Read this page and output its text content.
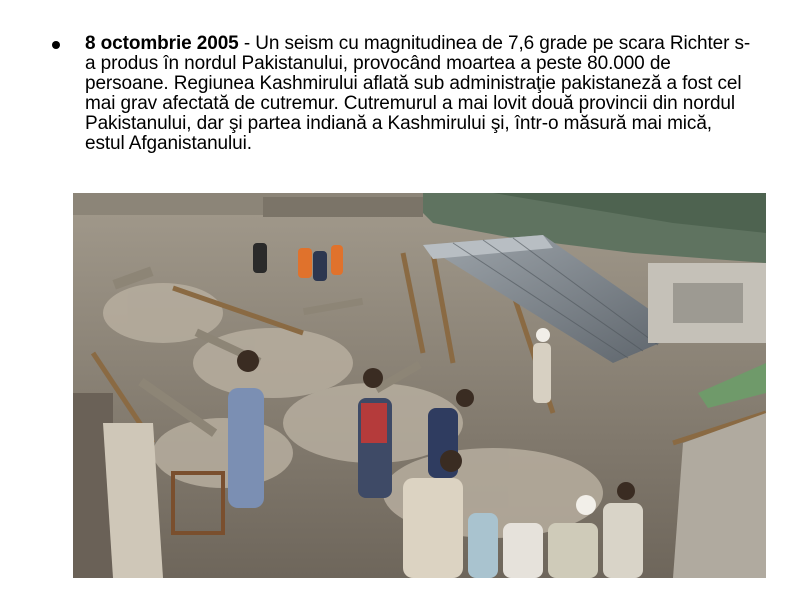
8 octombrie 2005 - Un seism cu magnitudinea de 7,6 grade pe scara Richter s-a produs în nordul Pakistanului, provocând moartea a peste 80.000 de persoane. Regiunea Kashmirului aflată sub administraţie pakistaneză a fost cel mai grav afectată de cutremur. Cutremurul a mai lovit două provincii din nordul Pakistanului, dar şi partea indiană a Kashmirului şi, într-o măsură mai mică, estul Afganistanului.
